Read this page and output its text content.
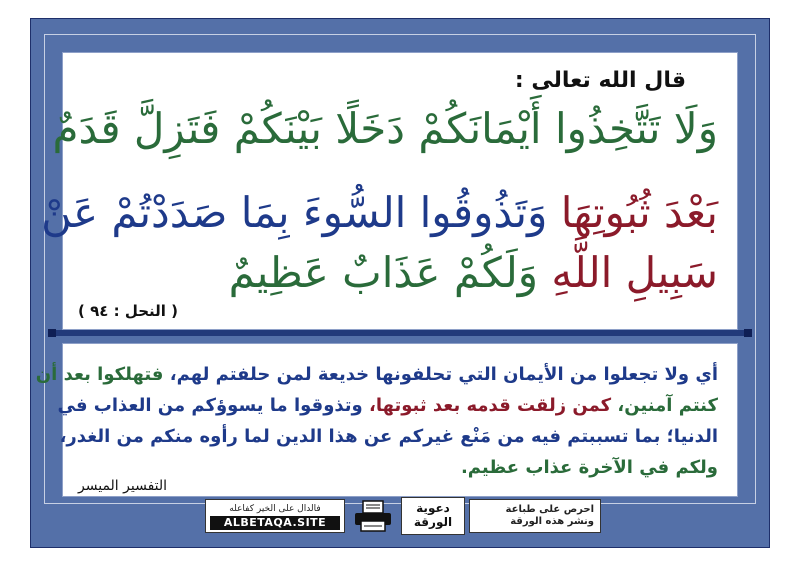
قال الله تعالى :
وَلَا تَتَّخِذُوا أَيْمَانَكُمْ دَخَلًا بَيْنَكُمْ فَتَزِلَّ قَدَمٌ
بَعْدَ ثُبُوتِهَا وَتَذُوقُوا السُّوءَ بِمَا صَدَدْتُمْ عَنْ
سَبِيلِ اللَّهِ وَلَكُمْ عَذَابٌ عَظِيمٌ
( النحل : ٩٤ )
أي ولا تجعلوا من الأيمان التي تحلفونها خديعة لمن حلفتم لهم، فتهلكوا بعد أن
كنتم آمنين، كمن زلقت قدمه بعد ثبوتها، وتذوقوا ما يسوؤكم من العذاب في
الدنيا؛ بما تسببتم فيه من مَنْع غيركم عن هذا الدين لما رأوه منكم من الغدر،
ولكم في الآخرة عذاب عظيم.
التفسير الميسر
فالدال على الخير كفاعله
ALBETAQA.SITE
دعوية الورقة
احرص على طباعة
ونشر هذه الورقة
